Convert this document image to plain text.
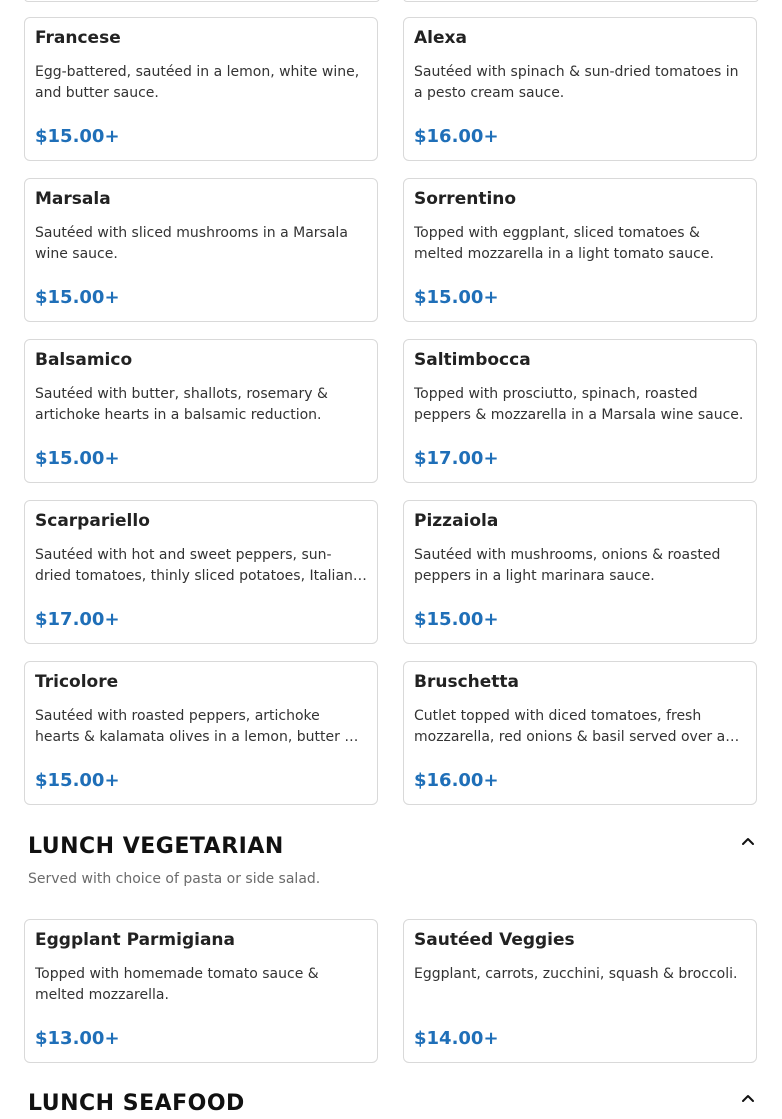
Francese
Egg-battered, sautéed in a lemon, white wine, and butter sauce.
$15.00+
Alexa
Sautéed with spinach & sun-dried tomatoes in a pesto cream sauce.
$16.00+
Marsala
Sautéed with sliced mushrooms in a Marsala wine sauce.
$15.00+
Sorrentino
Topped with eggplant, sliced tomatoes & melted mozzarella in a light tomato sauce.
$15.00+
Balsamico
Sautéed with butter, shallots, rosemary & artichoke hearts in a balsamic reduction.
$15.00+
Saltimbocca
Topped with prosciutto, spinach, roasted peppers & mozzarella in a Marsala wine sauce.
$17.00+
Scarpariello
Sautéed with hot and sweet peppers, sun-dried tomatoes, thinly sliced potatoes, Italian…
$17.00+
Pizzaiola
Sautéed with mushrooms, onions & roasted peppers in a light marinara sauce.
$15.00+
Tricolore
Sautéed with roasted peppers, artichoke hearts & kalamata olives in a lemon, butter …
$15.00+
Bruschetta
Cutlet topped with diced tomatoes, fresh mozzarella, red onions & basil served over a…
$16.00+
LUNCH VEGETARIAN
Served with choice of pasta or side salad.
Eggplant Parmigiana
Topped with homemade tomato sauce & melted mozzarella.
$13.00+
Sautéed Veggies
Eggplant, carrots, zucchini, squash & broccoli.
$14.00+
LUNCH SEAFOOD
